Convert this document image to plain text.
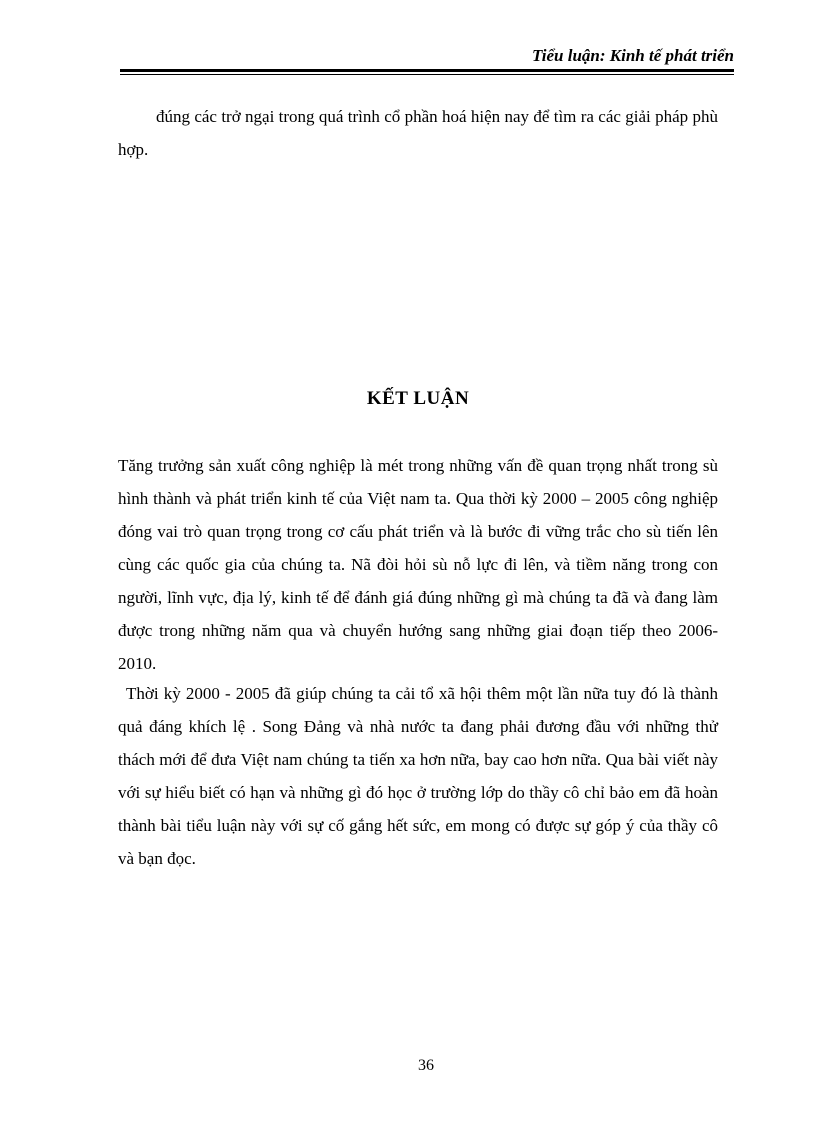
Tiểu luận: Kinh tế phát triển

đúng các trở ngại trong quá trình cổ phần hoá hiện nay để tìm ra các giải pháp phù hợp.

KẾT LUẬN

Tăng trưởng sản xuất công nghiệp là mét trong những vấn đề quan trọng nhất trong sù hình thành và phát triển kinh tế của Việt nam ta. Qua thời kỳ 2000 – 2005 công nghiệp đóng vai trò quan trọng trong cơ cấu phát triển và là bước đi vững trắc cho sù tiến lên cùng các quốc gia của chúng ta. Nã đòi hỏi sù nỗ lực đi lên, và tiềm năng trong con người, lĩnh vực, địa lý, kinh tế để đánh giá đúng những gì mà chúng ta đã và đang làm được trong những năm qua và chuyển hướng sang những giai đoạn tiếp theo 2006-2010.

Thời kỳ 2000 - 2005 đã giúp chúng ta cải tổ xã hội thêm một lần nữa tuy đó là thành quả đáng khích lệ . Song Đảng và nhà nước ta đang phải đương đầu với những thử thách mới để đưa Việt nam chúng ta tiến xa hơn nữa, bay cao hơn nữa. Qua bài viết này với sự hiểu biết có hạn và những gì đó học ở trường lớp do thầy cô chỉ bảo em đã hoàn thành bài tiểu luận này với sự cố gắng hết sức, em mong có được sự góp ý của thầy cô và bạn đọc.

36
